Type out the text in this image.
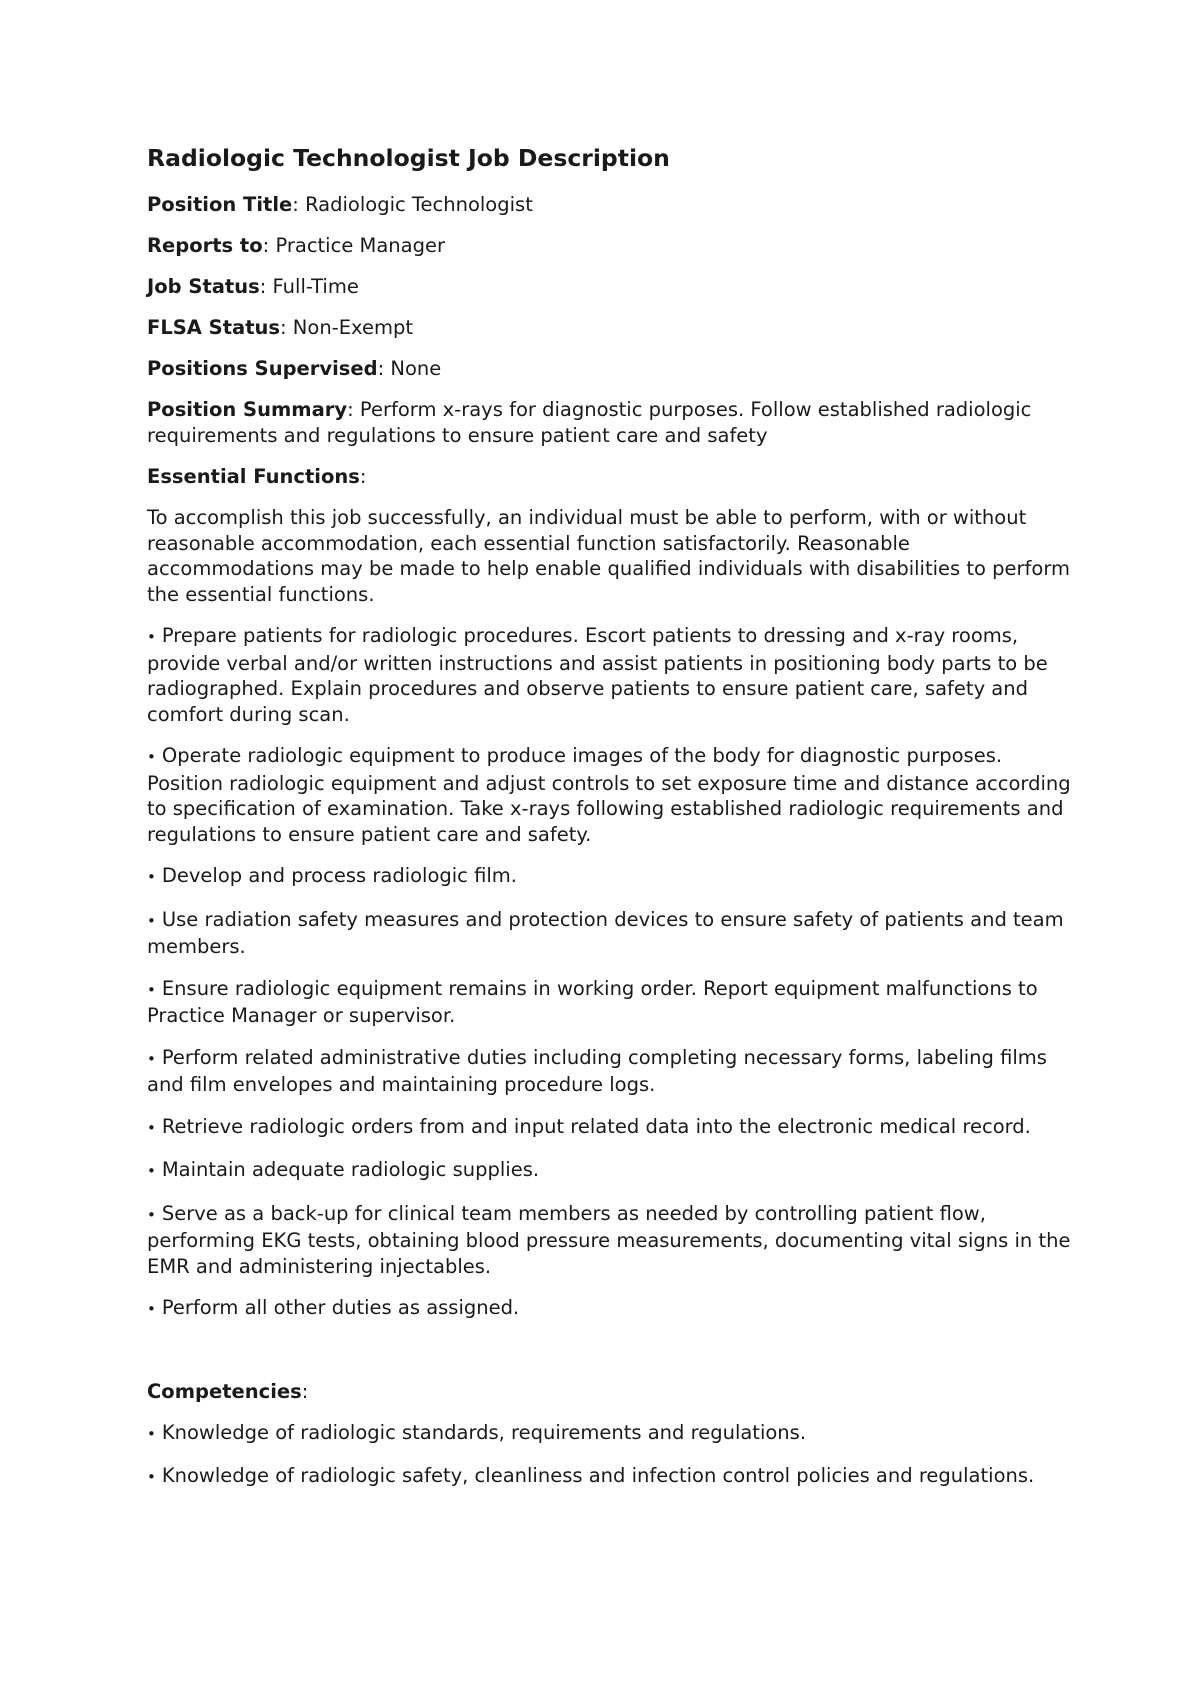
Radiologic Technologist Job Description
Position Title: Radiologic Technologist
Reports to: Practice Manager
Job Status: Full-Time
FLSA Status: Non-Exempt
Positions Supervised: None
Position Summary: Perform x-rays for diagnostic purposes. Follow established radiologic requirements and regulations to ensure patient care and safety
Essential Functions:
To accomplish this job successfully, an individual must be able to perform, with or without reasonable accommodation, each essential function satisfactorily. Reasonable accommodations may be made to help enable qualified individuals with disabilities to perform the essential functions.
• Prepare patients for radiologic procedures. Escort patients to dressing and x-ray rooms, provide verbal and/or written instructions and assist patients in positioning body parts to be radiographed. Explain procedures and observe patients to ensure patient care, safety and comfort during scan.
• Operate radiologic equipment to produce images of the body for diagnostic purposes. Position radiologic equipment and adjust controls to set exposure time and distance according to specification of examination. Take x-rays following established radiologic requirements and regulations to ensure patient care and safety.
• Develop and process radiologic film.
• Use radiation safety measures and protection devices to ensure safety of patients and team members.
• Ensure radiologic equipment remains in working order. Report equipment malfunctions to Practice Manager or supervisor.
• Perform related administrative duties including completing necessary forms, labeling films and film envelopes and maintaining procedure logs.
• Retrieve radiologic orders from and input related data into the electronic medical record.
• Maintain adequate radiologic supplies.
• Serve as a back-up for clinical team members as needed by controlling patient flow, performing EKG tests, obtaining blood pressure measurements, documenting vital signs in the EMR and administering injectables.
• Perform all other duties as assigned.
Competencies:
• Knowledge of radiologic standards, requirements and regulations.
• Knowledge of radiologic safety, cleanliness and infection control policies and regulations.
